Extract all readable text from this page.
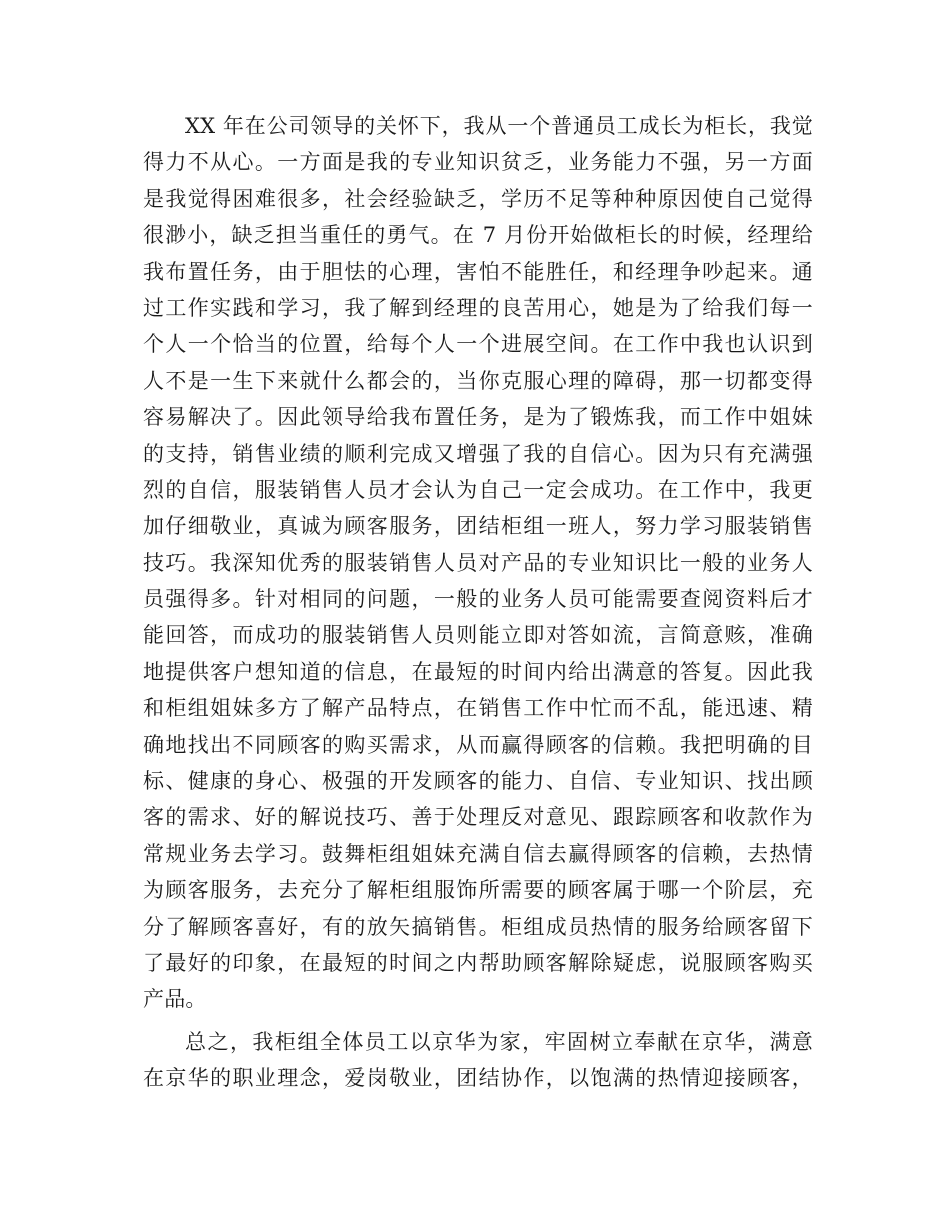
XX 年在公司领导的关怀下，我从一个普通员工成长为柜长，我觉
得力不从心。一方面是我的专业知识贫乏，业务能力不强，另一方面
是我觉得困难很多，社会经验缺乏，学历不足等种种原因使自己觉得
很渺小，缺乏担当重任的勇气。在 7 月份开始做柜长的时候，经理给
我布置任务，由于胆怯的心理，害怕不能胜任，和经理争吵起来。通
过工作实践和学习，我了解到经理的良苦用心，她是为了给我们每一
个人一个恰当的位置，给每个人一个进展空间。在工作中我也认识到
人不是一生下来就什么都会的，当你克服心理的障碍，那一切都变得
容易解决了。因此领导给我布置任务，是为了锻炼我，而工作中姐妹
的支持，销售业绩的顺利完成又增强了我的自信心。因为只有充满强
烈的自信，服装销售人员才会认为自己一定会成功。在工作中，我更
加仔细敬业，真诚为顾客服务，团结柜组一班人，努力学习服装销售
技巧。我深知优秀的服装销售人员对产品的专业知识比一般的业务人
员强得多。针对相同的问题，一般的业务人员可能需要查阅资料后才
能回答，而成功的服装销售人员则能立即对答如流，言简意赅，准确
地提供客户想知道的信息，在最短的时间内给出满意的答复。因此我
和柜组姐妹多方了解产品特点，在销售工作中忙而不乱，能迅速、精
确地找出不同顾客的购买需求，从而赢得顾客的信赖。我把明确的目
标、健康的身心、极强的开发顾客的能力、自信、专业知识、找出顾
客的需求、好的解说技巧、善于处理反对意见、跟踪顾客和收款作为
常规业务去学习。鼓舞柜组姐妹充满自信去赢得顾客的信赖，去热情
为顾客服务，去充分了解柜组服饰所需要的顾客属于哪一个阶层，充
分了解顾客喜好，有的放矢搞销售。柜组成员热情的服务给顾客留下
了最好的印象，在最短的时间之内帮助顾客解除疑虑，说服顾客购买
产品。
总之，我柜组全体员工以京华为家，牢固树立奉献在京华，满意
在京华的职业理念，爱岗敬业，团结协作，以饱满的热情迎接顾客，
